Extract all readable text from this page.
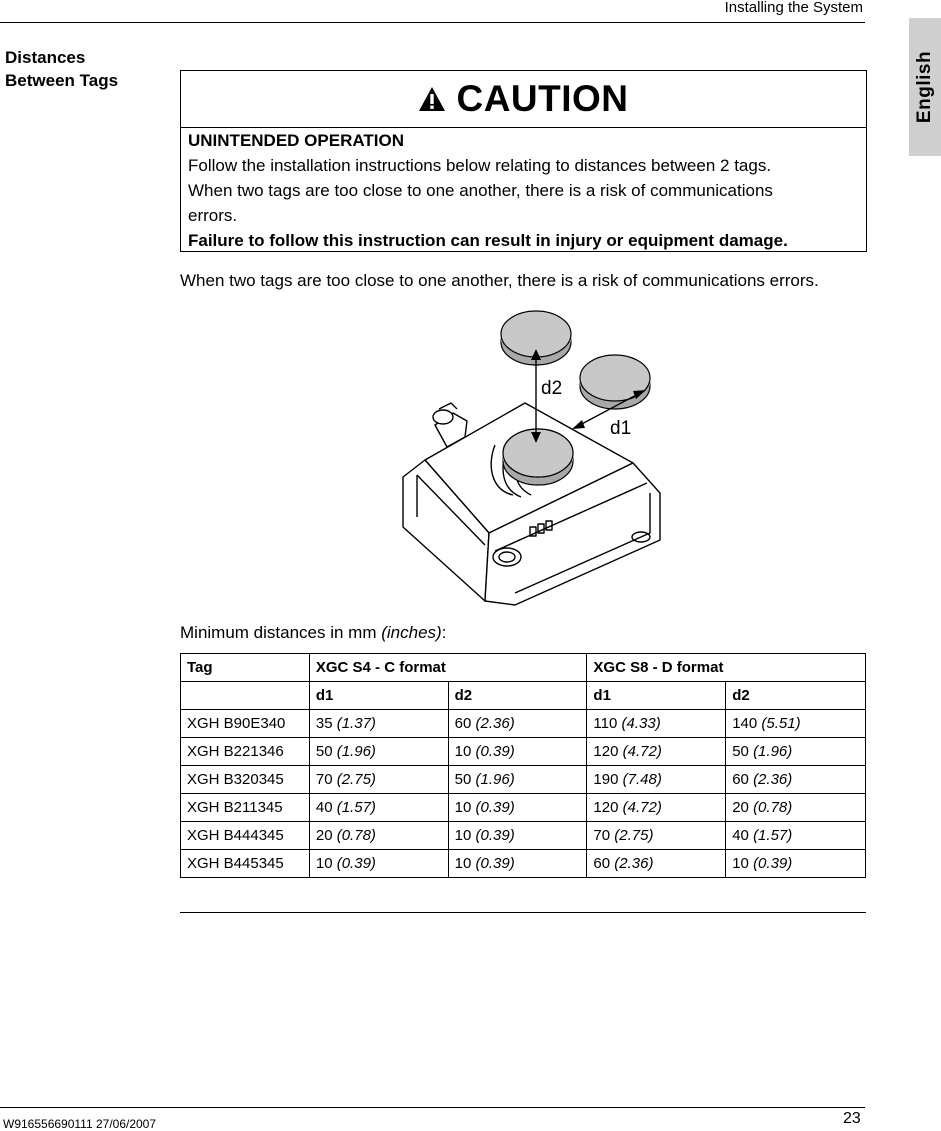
Installing the System
English
Distances
Between Tags	CAUTION
UNINTENDED OPERATION
Follow the installation instructions below relating to distances between 2 tags.
When two tags are too close to one another, there is a risk of communications
errors.
Failure to follow this instruction can result in injury or equipment damage.
When two tags are too close to one another, there is a risk of communications errors.
d2
d1
Minimum distances in mm (inches):
Tag	XGC S4 - C format		XGC S8 - D format	
	d1	d2	d1	d2
XGH B90E340	35 (1.37)	60 (2.36)	110 (4.33)	140 (5.51)
XGH B221346	50 (1.96)	10 (0.39)	120 (4.72)	50 (1.96)
XGH B320345	70 (2.75)	50 (1.96)	190 (7.48)	60 (2.36)
XGH B211345	40 (1.57)	10 (0.39)	120 (4.72)	20 (0.78)
XGH B444345	20 (0.78)	10 (0.39)	70 (2.75)	40 (1.57)
XGH B445345	10 (0.39)	10 (0.39)	60 (2.36)	10 (0.39)
W916556690111 27/06/2007	23
